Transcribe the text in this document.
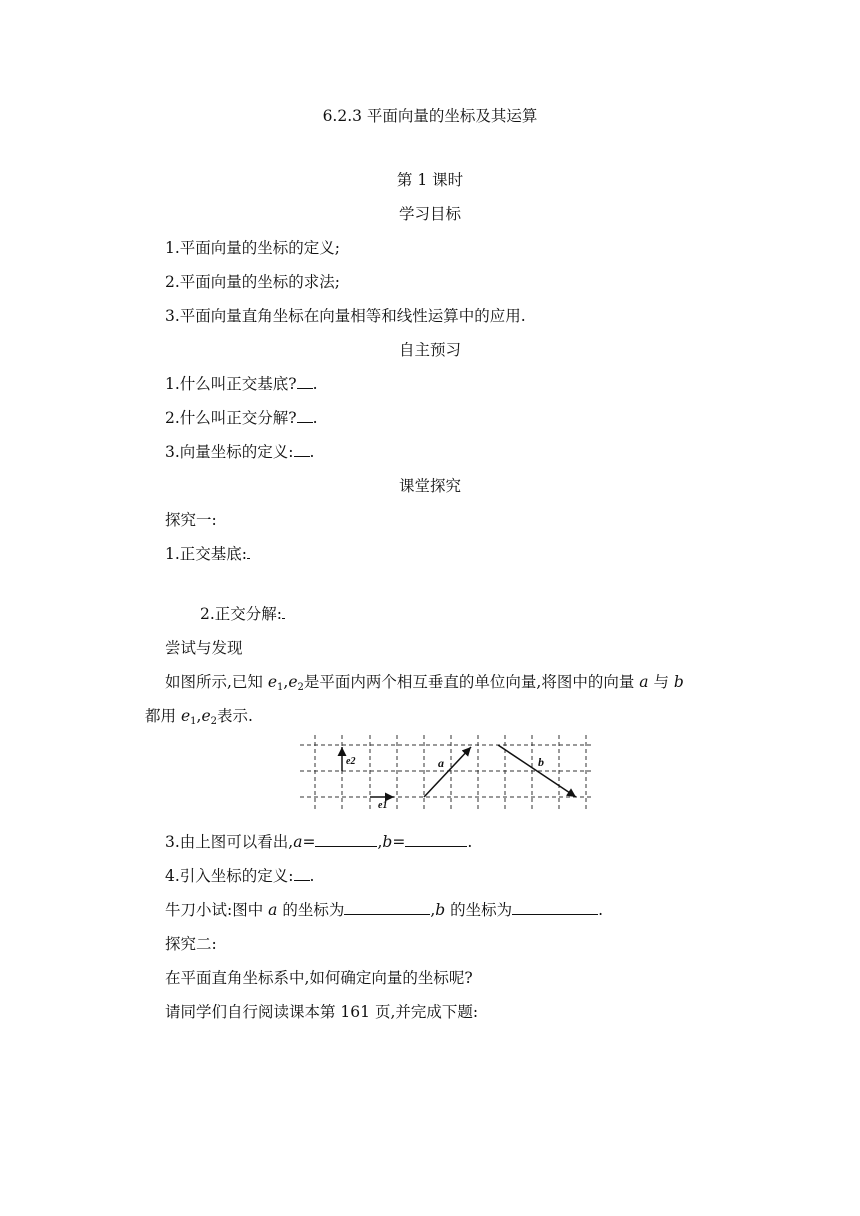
6.2.3 平面向量的坐标及其运算
第 1 课时
学习目标
1.平面向量的坐标的定义;
2.平面向量的坐标的求法;
3.平面向量直角坐标在向量相等和线性运算中的应用.
自主预习
1.什么叫正交基底? .
2.什么叫正交分解? .
3.向量坐标的定义: .
课堂探究
探究一:
1.正交基底:
2.正交分解:
尝试与发现
如图所示,已知 $e_1,e_2$是平面内两个相互垂直的单位向量,将图中的向量 a 与 b
都用 $e_1,e_2$表示.
e2
e1
a	b
3.由上图可以看出,a=	,b=	.
4.引入坐标的定义: .
牛刀小试:图中 a 的坐标为	,b 的坐标为	.
探究二:
在平面直角坐标系中,如何确定向量的坐标呢?
请同学们自行阅读课本第 161 页,并完成下题:
